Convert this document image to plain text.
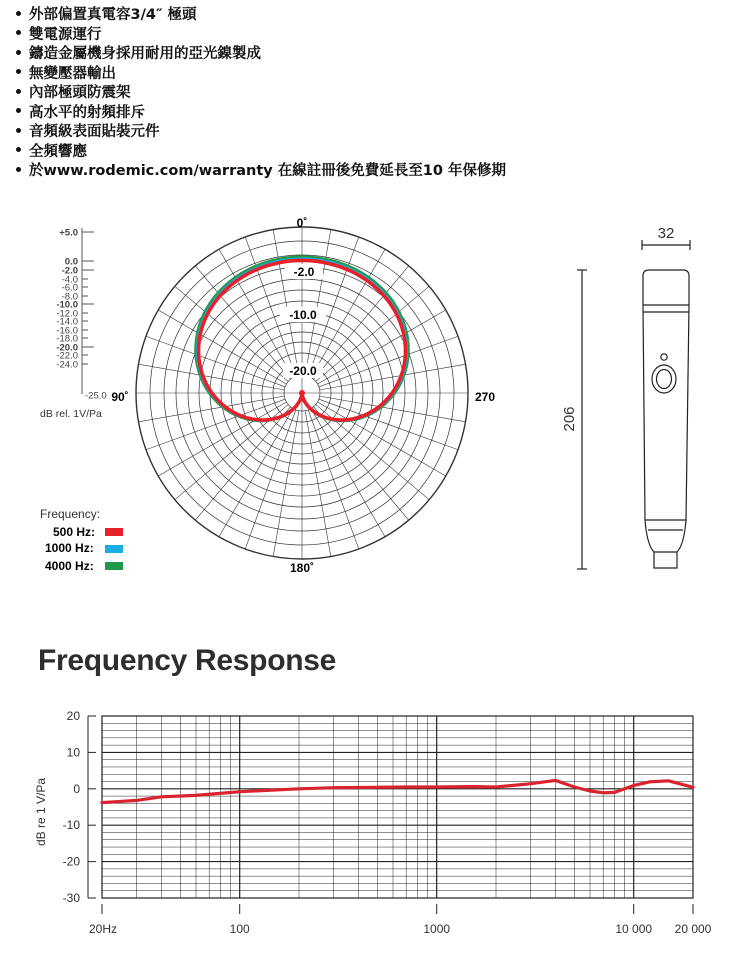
外部偏置真電容3/4″ 極頭
雙電源運行
鑄造金屬機身採用耐用的亞光鎳製成
無變壓器輸出
內部極頭防震架
高水平的射頻排斥
音頻級表面貼裝元件
全頻響應
於www.rodemic.com/warranty 在線註冊後免費延長至10 年保修期
0˚
90˚	270
180˚
-2.0
-10.0
-20.0
+5.0
0.0
-2.0
-4.0
-6.0
-8.0
-10.0
-12.0
-14.0
-16.0
-18.0
-20.0
-22.0
-24.0
-25.0
dB rel. 1V/Pa
Frequency:
500 Hz:
1000 Hz:
4000 Hz:
32
206
Frequency Response
20
10
0
-10
-20
-30
20Hz	100	1000	10 000 20 000
dB re 1 V/Pa
